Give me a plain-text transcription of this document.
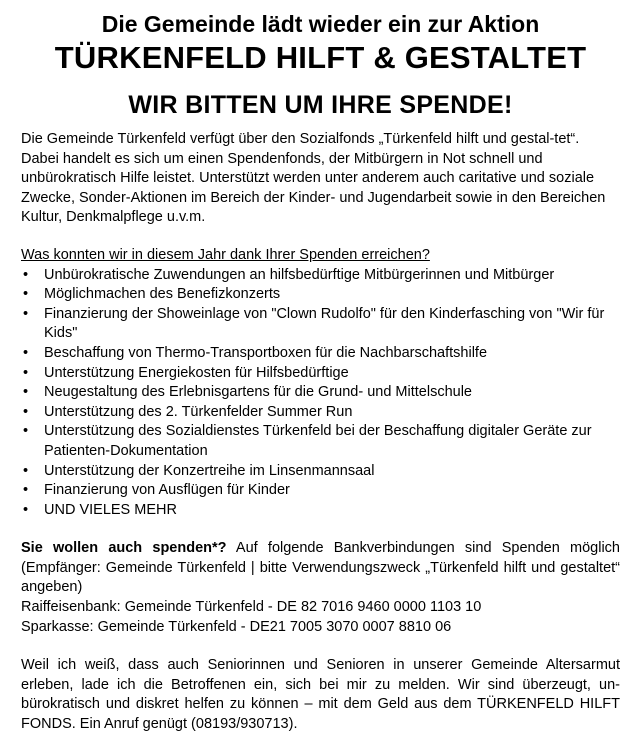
Die Gemeinde lädt wieder ein zur Aktion
TÜRKENFELD HILFT & GESTALTET
WIR BITTEN UM IHRE SPENDE!

Die Gemeinde Türkenfeld verfügt über den Sozialfonds „Türkenfeld hilft und gestal-tet“. Dabei handelt es sich um einen Spendenfonds, der Mitbürgern in Not schnell und unbürokratisch Hilfe leistet. Unterstützt werden unter anderem auch caritative und soziale Zwecke, Sonder-Aktionen im Bereich der Kinder- und Jugendarbeit sowie in den Bereichen Kultur, Denkmalpflege u.v.m.

Was konnten wir in diesem Jahr dank Ihrer Spenden erreichen?

• Unbürokratische Zuwendungen an hilfsbedürftige Mitbürgerinnen und Mitbürger
• Möglichmachen des Benefizkonzerts
• Finanzierung der Showeinlage von "Clown Rudolfo" für den Kinderfasching von "Wir für Kids"
• Beschaffung von Thermo-Transportboxen für die Nachbarschaftshilfe
• Unterstützung Energiekosten für Hilfsbedürftige
• Neugestaltung des Erlebnisgartens für die Grund- und Mittelschule
• Unterstützung des 2. Türkenfelder Summer Run
• Unterstützung des Sozialdienstes Türkenfeld bei der Beschaffung digitaler Geräte zur Patienten-Dokumentation
• Unterstützung der Konzertreihe im Linsenmannsaal
• Finanzierung von Ausflügen für Kinder
• UND VIELES MEHR

Sie wollen auch spenden*? Auf folgende Bankverbindungen sind Spenden möglich (Empfänger: Gemeinde Türkenfeld | bitte Verwendungszweck „Türkenfeld hilft und gestaltet“ angeben)

Raiffeisenbank: Gemeinde Türkenfeld - DE 82 7016 9460 0000 1103 10

Sparkasse: Gemeinde Türkenfeld - DE21 7005 3070 0007 8810 06

Weil ich weiß, dass auch Seniorinnen und Senioren in unserer Gemeinde Altersarmut erleben, lade ich die Betroffenen ein, sich bei mir zu melden. Wir sind überzeugt, un-bürokratisch und diskret helfen zu können – mit dem Geld aus dem TÜRKENFELD HILFT FONDS. Ein Anruf genügt (08193/930713).
